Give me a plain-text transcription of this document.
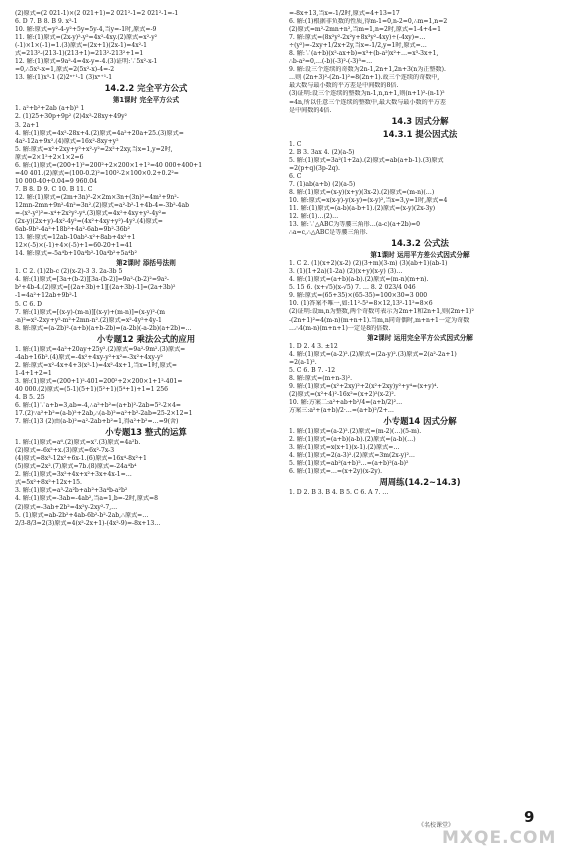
(2)原式=(2 021-1)×(2 021+1)=2 021²-1=2 021²-1=-1
6. D 7. B 8. B 9. x²-1
10. 解:原式=y²-4-y²+5y=5y-4,当y=-1时,原式=-9
11. 解:(1)原式=(2x-y)²-y²=4x²-4xy.(2)原式=x²-y²
(-1)×1×(-1)=1.(3)原式=(2x+1)(2x-1)=4x²-1
式=213²-(213-1)(213+1)=213²-213²+1=1
12. 解:(1)原式=9a²-4=4x-y=-4.(3)证明:∵5x²-x-1
=0,∴5x²-x=1,原式=2(5x²-x)-4=-2
13. 解:(1)x⁵-1 (2)2ⁿ⁺¹-1 (3)xⁿ⁺¹-1
14.2.2 完全平方公式
第1课时 完全平方公式
1. a²+b²+2ab (a+b)² 1
2. (1)25+30p+9p² (2)4x²-28xy+49y²
3. 2a+1
4. 解:(1)原式=4x²-28x+4.(2)原式=4a²+20a+25.(3)原式=
4a²-12a+9x².(4)原式=16x²-8xy+y²
5. 解:原式=x²+2xy+y²+x²-y²=2x²+2xy,当x=1,y=2时,
原式=2×1²+2×1×2=6
6. 解:(1)原式=(200+1)²=200²+2×200×1+1²=40 000+400+1
=40 401.(2)原式=(100-0.2)²=100²-2×100×0.2+0.2²=
10 000-40+0.04=9 960.04
7. B 8. D 9. C 10. B 11. C
12. 解:(1)原式=(2m+3n)²-2×2m×3n+(3n)²=4m²+9n²-
12mn-2mn+9n²-4n²=3n².(2)原式=a²-b²-1+4b-4=-3b²-4ab
=-(x²-y²)²=-x⁴+2x²y²-y⁴.(3)原式=4x²+4xy+y²-4y²=
(2x-y)(2x+y)-4x²-4y²=(4x²+4xy+y²)-4y².(4)原式=
6ab-9b²-4a²+18b²+4a²-6ab=9b²-36b²
13. 解:原式=12ab-10ab²-x²+8ab+4x²+1
12×(-5)×(-1)+4×(-5)+1=60-20+1=41
14. 解:原式=-5a⁴b+10a⁴b²-10a⁴b²+5a⁴b²
第2课时 添括号法则
1. C 2. (1)2b-c (2)(x-2)-3 3. 2a-3b 5
4. 解:(1)原式=[3a+(b-2)][3a-(b-2)]=9a²-(b-2)²=9a²-
b²+4b-4.(2)原式=[(2a+3b)+1][(2a+3b)-1]=(2a+3b)²
-1=4a²+12ab+9b²-1
5. C 6. D
7. 解:(1)原式=[(x-y)-(m-n)][(x-y)+(m-n)]=(x-y)²-(m
-n)²=x²-2xy+y²-m²+2mn-n².(2)原式=x²-4y²+4y-1
8. 解:原式=(a-2b)²-(a+b)(a+b-2b)=(a-2b)(-a-2b)(a+2b)=…
小专题12 乘法公式的应用
1. 解:(1)原式=4a²+20ay+25y².(2)原式=9a²-9m².(3)原式=
-4ab+16b².(4)原式=-4x²+4xy-y²+x²=-3x²+4xy-y²
2. 解:原式=x²-4x+4+3(x²-1)=4x²-4x+1,当x=1时,原式=
1-4+1+2=1
3. 解:(1)原式=(200+1)²-401=200²+2×200×1+1²-401=
40 000.(2)原式=(5-1)(5+1)(5²+1)(5⁴+1)+1=1 256
4. B 5. 25
6. 解:(1)∵a+b=3,ab=-4,∴a²+b²=(a+b)²-2ab=5²-2×4=
17.(2)∵a²+b²=(a-b)²+2ab,∴(a-b)²=a²+b²-2ab=25-2×12=1
7. 解:(1)3 (2)由(a-b)²=a²-2ab+b²=1,得a²+b²=…=9(舍)
小专题13 整式的运算
1. 解:(1)原式=a⁶.(2)原式=x⁷.(3)原式=4a²b.
(2)原式=-6x²+x.(3)原式=6x²-7x-3
(4)原式=8x³-12x²+6x-1.(6)原式=16x⁴-8x²+1
(5)原式=2x².(7)原式=7b.(8)原式=-24a⁴b⁴
2. 解:(1)原式=3x²+4x+x²+3x+4x-1=…
式=5x²+8x²+12x+15.
3. 解:(1)原式=a³-2a²b+ab²+3a⁴b-a²b²
4. 解:(1)原式=-3ab=-4ab²,当a=1,b=-2时,原式=8
(2)原式=-3ab+2b²=4x²y-2xy²-7,…
5. (1)原式=ab-2b²+4ab-6b²-b²-2ab,∴原式=…
2/3-8/3=2(3)原式=4(x²-2x+1)-(4x²-9)=-8x+13…
=-8x+13,当x=-1/2时,原式=4+13=17
6. 解:(1)根据非负数的性质,得m-1=0,n-2=0,∴m=1,n=2
(2)原式=m²-2mn+n²,当m=1,n=2时,原式=1-4+4=1
7. 解:原式=(8x²y²-2x²y+8x³y²-4xy)÷(-4xy)=…
÷(y²)=-2xy+1/2x+2y,当x=-1/2,y=1时,原式=…
8. 解:∵(a+b)(x²-ax+b)=x³+(b-a²)x²+…=x³-3x+1,
∴b-a²=0,…(-b)(-3)²-(-3)³=…
9. 解:设三个连续的奇数为2n-1,2n+1,2n+3(n为正整数).
…则 (2n+3)²-(2n-1)²=8(2n+1).故三个连续的奇数中,
最大数与最小数的平方差是中间数的8倍.
(3)证明:设三个连续的整数为n-1,n,n+1,则(n+1)²-(n-1)²
=4n,所以任意三个连续的整数中,最大数与最小数的平方差
是中间数的4倍.
14.3 因式分解
14.3.1 提公因式法
1. C
2. B 3. 3ax 4. (2)(a-5)
5. 解:(1)原式=3a²(1+2a).(2)原式=ab(a+b-1).(3)原式
=2(p+q)(3p-2q).
6. C
7. (1)ab(a+b) (2)(a-5)
8. 解:(1)原式=(x-y)(x+y)(3x-2).(2)原式=(m-n)(…)
10. 解:原式=x(x-y)-y(x-y)=(x-y)²,当x=3,y=1时,原式=4
11. 解:(1)原式=(a-b)(a-b+1).(2)原式=(x-y)(2x-3y)
12. 解:(1)…(2)…
13. 解:∵△ABC为等腰三角形…(a-c)(a+2b)=0
∴a=c,∴△ABC是等腰三角形.
14.3.2 公式法
第1课时 运用平方差公式因式分解
1. C 2. (1)(x+2)(x-2) (2)(3+m)(3-m) (3)(ab+1)(ab-1)
3. (1)(1+2a)(1-2a) (2)(x+y)(x-y) (3)…
4. 解:(1)原式=(a+b)(a-b).(2)原式=(m-n)(m+n).
5. 15 6. (x+√5)(x-√5) 7. … 8. 2 023/4 046
9. 解:原式=(65+35)×(65-35)=100×30=3 000
10. (1)答案不唯一,如:11²-5²=8×12,13²-11²=8×6
(2)证明:设m,n为整数,两个奇数可表示为2m+1和2n+1,则(2m+1)²
-(2n+1)²=4(m-n)(m+n+1).当m,n同奇偶时,m+n+1一定为奇数
…∴4(m-n)(m+n+1)一定是8的倍数.
第2课时 运用完全平方公式因式分解
1. D 2. 4 3. ±12
4. 解:(1)原式=(a-2)².(2)原式=(2a-y)².(3)原式=2(a²-2a+1)
=2(a-1)².
5. C 6. B 7. -12
8. 解:原式=(m+n-3)².
9. 解:(1)原式=(x²+2xy)²+2(x²+2xy)y²+y⁴=(x+y)⁴.
(2)原式=(x²+4)²-16x²=(x+2)²(x-2)².
10. 解:方案二:a²+ab+b²/4=(a+b/2)²…
方案三:a²+(a+b)/2·…=(a+b)²/2+…
小专题14 因式分解
1. 解:(1)原式=(a-2)².(2)原式=(m-2)(…)(5-m).
2. 解:(1)原式=(a+b)(a-b).(2)原式=(a-b)(…)
3. 解:(1)原式=x(x+1)(x-1).(2)原式=…
4. 解:(1)原式=2(a-3)².(2)原式=3m(2x-y)²…
5. 解:(1)原式=ab²(a+b)²…=(a+b)²(a-b)²
6. 解:(1)原式=…=(x+2y)(x-2y).
周周练(14.2~14.3)
1. D 2. B 3. B 4. B 5. C 6. A 7. …
《名校课堂》	9
MXQE.COM
